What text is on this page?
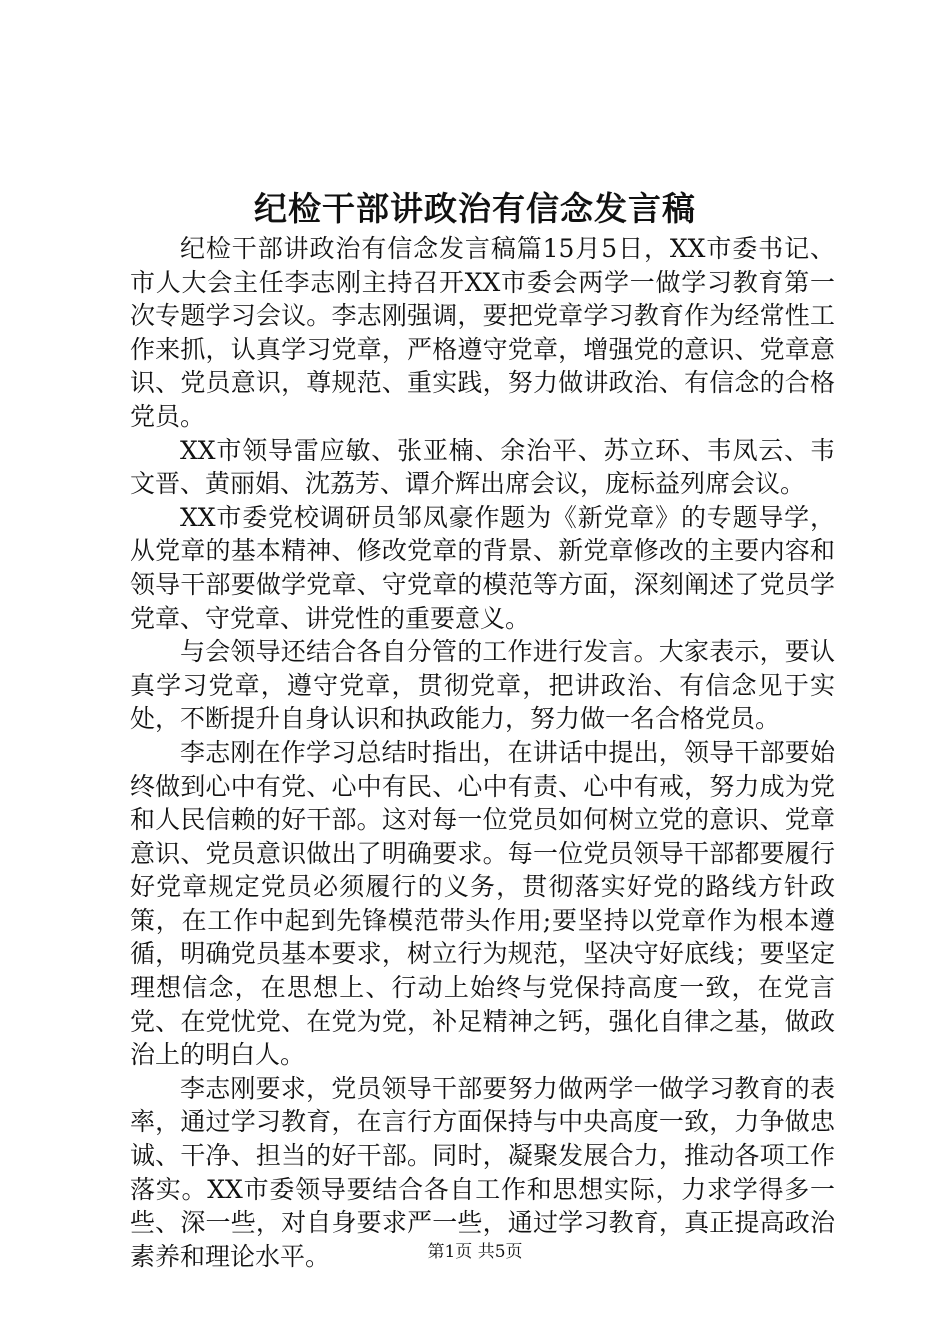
纪检干部讲政治有信念发言稿

纪检干部讲政治有信念发言稿篇15月5日，XX市委书记、市人大会主任李志刚主持召开XX市委会两学一做学习教育第一次专题学习会议。李志刚强调，要把党章学习教育作为经常性工作来抓，认真学习党章，严格遵守党章，增强党的意识、党章意识、党员意识，尊规范、重实践，努力做讲政治、有信念的合格党员。

XX市领导雷应敏、张亚楠、余治平、苏立环、韦凤云、韦文晋、黄丽娟、沈荔芳、谭介辉出席会议，庞标益列席会议。

XX市委党校调研员邹凤豪作题为《新党章》的专题导学，从党章的基本精神、修改党章的背景、新党章修改的主要内容和领导干部要做学党章、守党章的模范等方面，深刻阐述了党员学党章、守党章、讲党性的重要意义。

与会领导还结合各自分管的工作进行发言。大家表示，要认真学习党章，遵守党章，贯彻党章，把讲政治、有信念见于实处，不断提升自身认识和执政能力，努力做一名合格党员。

李志刚在作学习总结时指出，在讲话中提出，领导干部要始终做到心中有党、心中有民、心中有责、心中有戒，努力成为党和人民信赖的好干部。这对每一位党员如何树立党的意识、党章意识、党员意识做出了明确要求。每一位党员领导干部都要履行好党章规定党员必须履行的义务，贯彻落实好党的路线方针政策，在工作中起到先锋模范带头作用;要坚持以党章作为根本遵循，明确党员基本要求，树立行为规范，坚决守好底线；要坚定理想信念，在思想上、行动上始终与党保持高度一致，在党言党、在党忧党、在党为党，补足精神之钙，强化自律之基，做政治上的明白人。

李志刚要求，党员领导干部要努力做两学一做学习教育的表率，通过学习教育，在言行方面保持与中央高度一致，力争做忠诚、干净、担当的好干部。同时，凝聚发展合力，推动各项工作落实。XX市委领导要结合各自工作和思想实际，力求学得多一些、深一些，对自身要求严一些，通过学习教育，真正提高政治素养和理论水平。	第1页 共5页
